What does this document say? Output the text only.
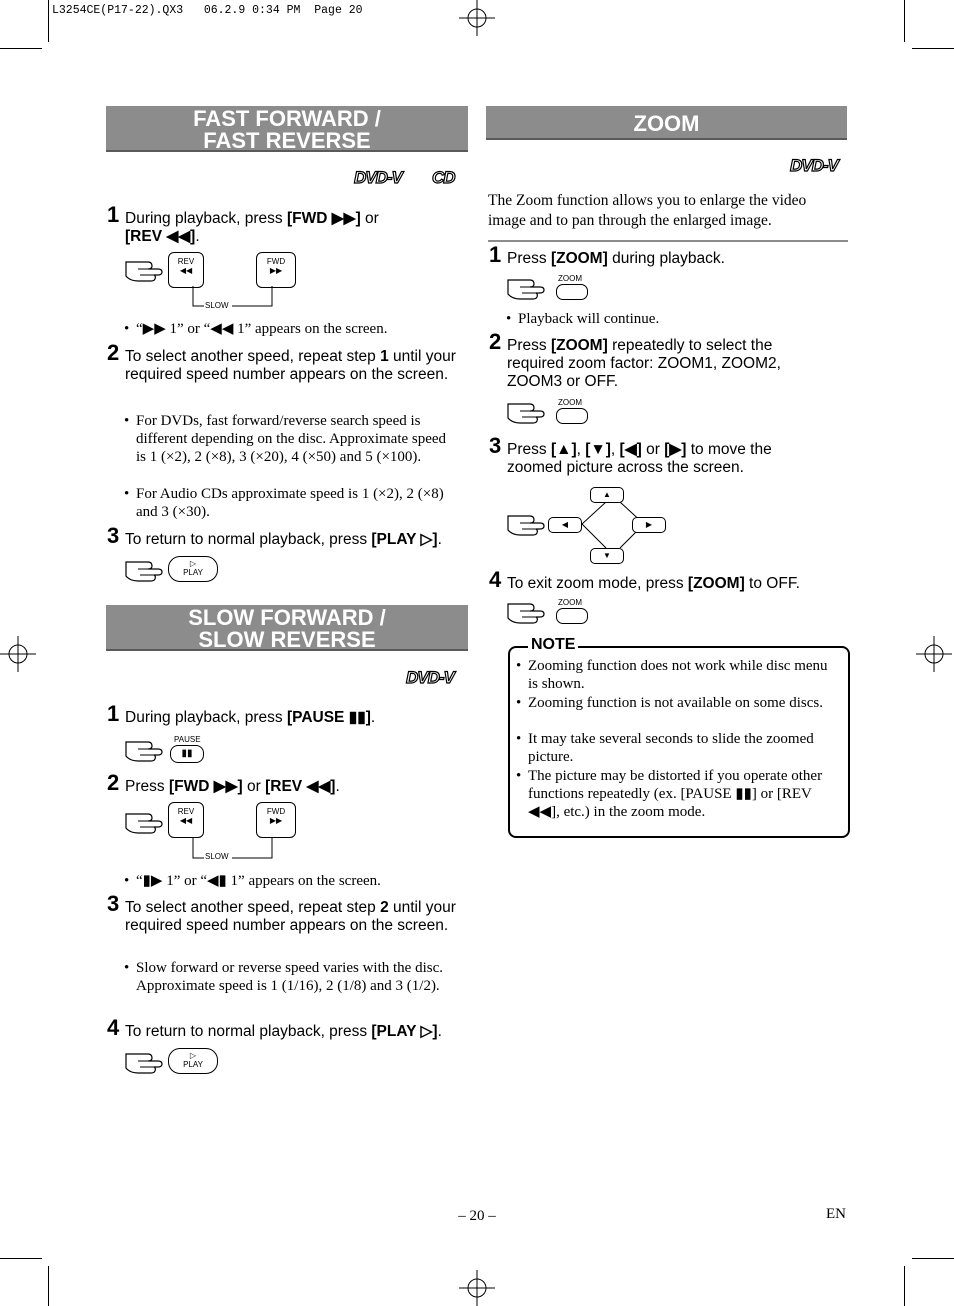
L3254CE(P17-22).QX3   06.2.9 0:34 PM  Page 20
FAST FORWARD /
FAST REVERSE
DVD-V CD
1 During playback, press [FWD ▶▶] or
[REV ◀◀].
REV
◀◀
FWD
▶▶
SLOW
• “▶▶ 1” or “◀◀ 1” appears on the screen.
2 To select another speed, repeat step 1 until your required speed number appears on the screen.
• For DVDs, fast forward/reverse search speed is different depending on the disc. Approximate speed is 1 (×2), 2 (×8), 3 (×20), 4 (×50) and 5 (×100).
• For Audio CDs approximate speed is 1 (×2), 2 (×8) and 3 (×30).
3 To return to normal playback, press [PLAY ▷].
▷
PLAY
SLOW FORWARD /
SLOW REVERSE
DVD-V
1 During playback, press [PAUSE ▮▮].
PAUSE
▮▮
2 Press [FWD ▶▶] or [REV ◀◀].
REV
◀◀
FWD
▶▶
SLOW
• “▮▶ 1” or “◀▮ 1” appears on the screen.
3 To select another speed, repeat step 2 until your required speed number appears on the screen.
• Slow forward or reverse speed varies with the disc. Approximate speed is 1 (1/16), 2 (1/8) and 3 (1/2).
4 To return to normal playback, press [PLAY ▷].
▷
PLAY
ZOOM
DVD-V
The Zoom function allows you to enlarge the video image and to pan through the enlarged image.
1 Press [ZOOM] during playback.
ZOOM
• Playback will continue.
2 Press [ZOOM] repeatedly to select the required zoom factor: ZOOM1, ZOOM2, ZOOM3 or OFF.
ZOOM
3 Press [▲], [▼], [◀] or [▶] to move the zoomed picture across the screen.
▲
▼
◀	▶
4 To exit zoom mode, press [ZOOM] to OFF.
ZOOM
NOTE
• Zooming function does not work while disc menu is shown.
• Zooming function is not available on some discs.
• It may take several seconds to slide the zoomed picture.
• The picture may be distorted if you operate other functions repeatedly (ex. [PAUSE ▮▮] or [REV ◀◀], etc.) in the zoom mode.
– 20 –	EN
